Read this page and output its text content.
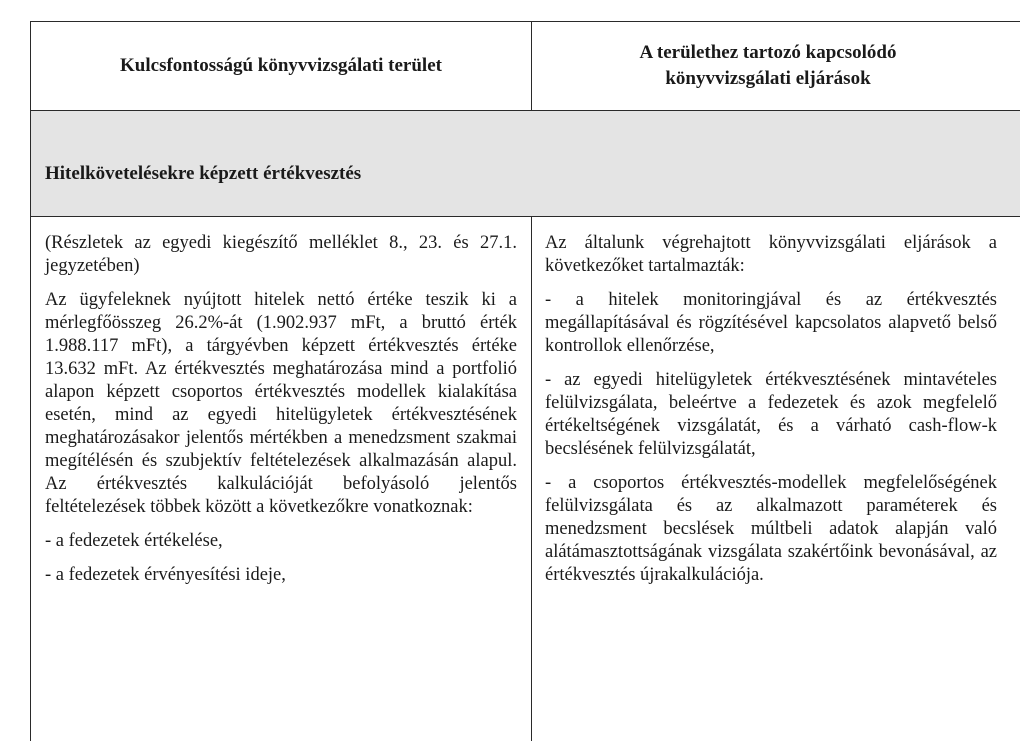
Kulcsfontosságú könyvvizsgálati terület
A területhez tartozó kapcsolódó
könyvvizsgálati eljárások
Hitelkövetelésekre képzett értékvesztés

(Részletek az egyedi kiegészítő melléklet 8., 23. és 27.1. jegyzetében)

Az ügyfeleknek nyújtott hitelek nettó értéke teszik ki a mérlegfőösszeg 26.2%-át (1.902.937 mFt, a bruttó érték 1.988.117 mFt), a tárgyévben képzett értékvesztés értéke 13.632 mFt. Az értékvesztés meghatározása mind a portfolió alapon képzett csoportos értékvesztés modellek kialakítása esetén, mind az egyedi hitelügyletek értékvesztésének meghatározásakor jelentős mértékben a menedzsment szakmai megítélésén és szubjektív feltételezések alkalmazásán alapul. Az értékvesztés kalkulációját befolyásoló jelentős feltételezések többek között a következőkre vonatkoznak:

- a fedezetek értékelése,

- a fedezetek érvényesítési ideje,

Az általunk végrehajtott könyvvizsgálati eljárások a következőket tartalmazták:

- a hitelek monitoringjával és az értékvesztés megállapításával és rögzítésével kapcsolatos alapvető belső kontrollok ellenőrzése,

- az egyedi hitelügyletek értékvesztésének mintavételes felülvizsgálata, beleértve a fedezetek és azok megfelelő értékeltségének vizsgálatát, és a várható cash-flow-k becslésének felülvizsgálatát,

- a csoportos értékvesztés-modellek megfelelőségének felülvizsgálata és az alkalmazott paraméterek és menedzsment becslések múltbeli adatok alapján való alátámasztottságának vizsgálata szakértőink bevonásával, az értékvesztés újrakalkulációja.
